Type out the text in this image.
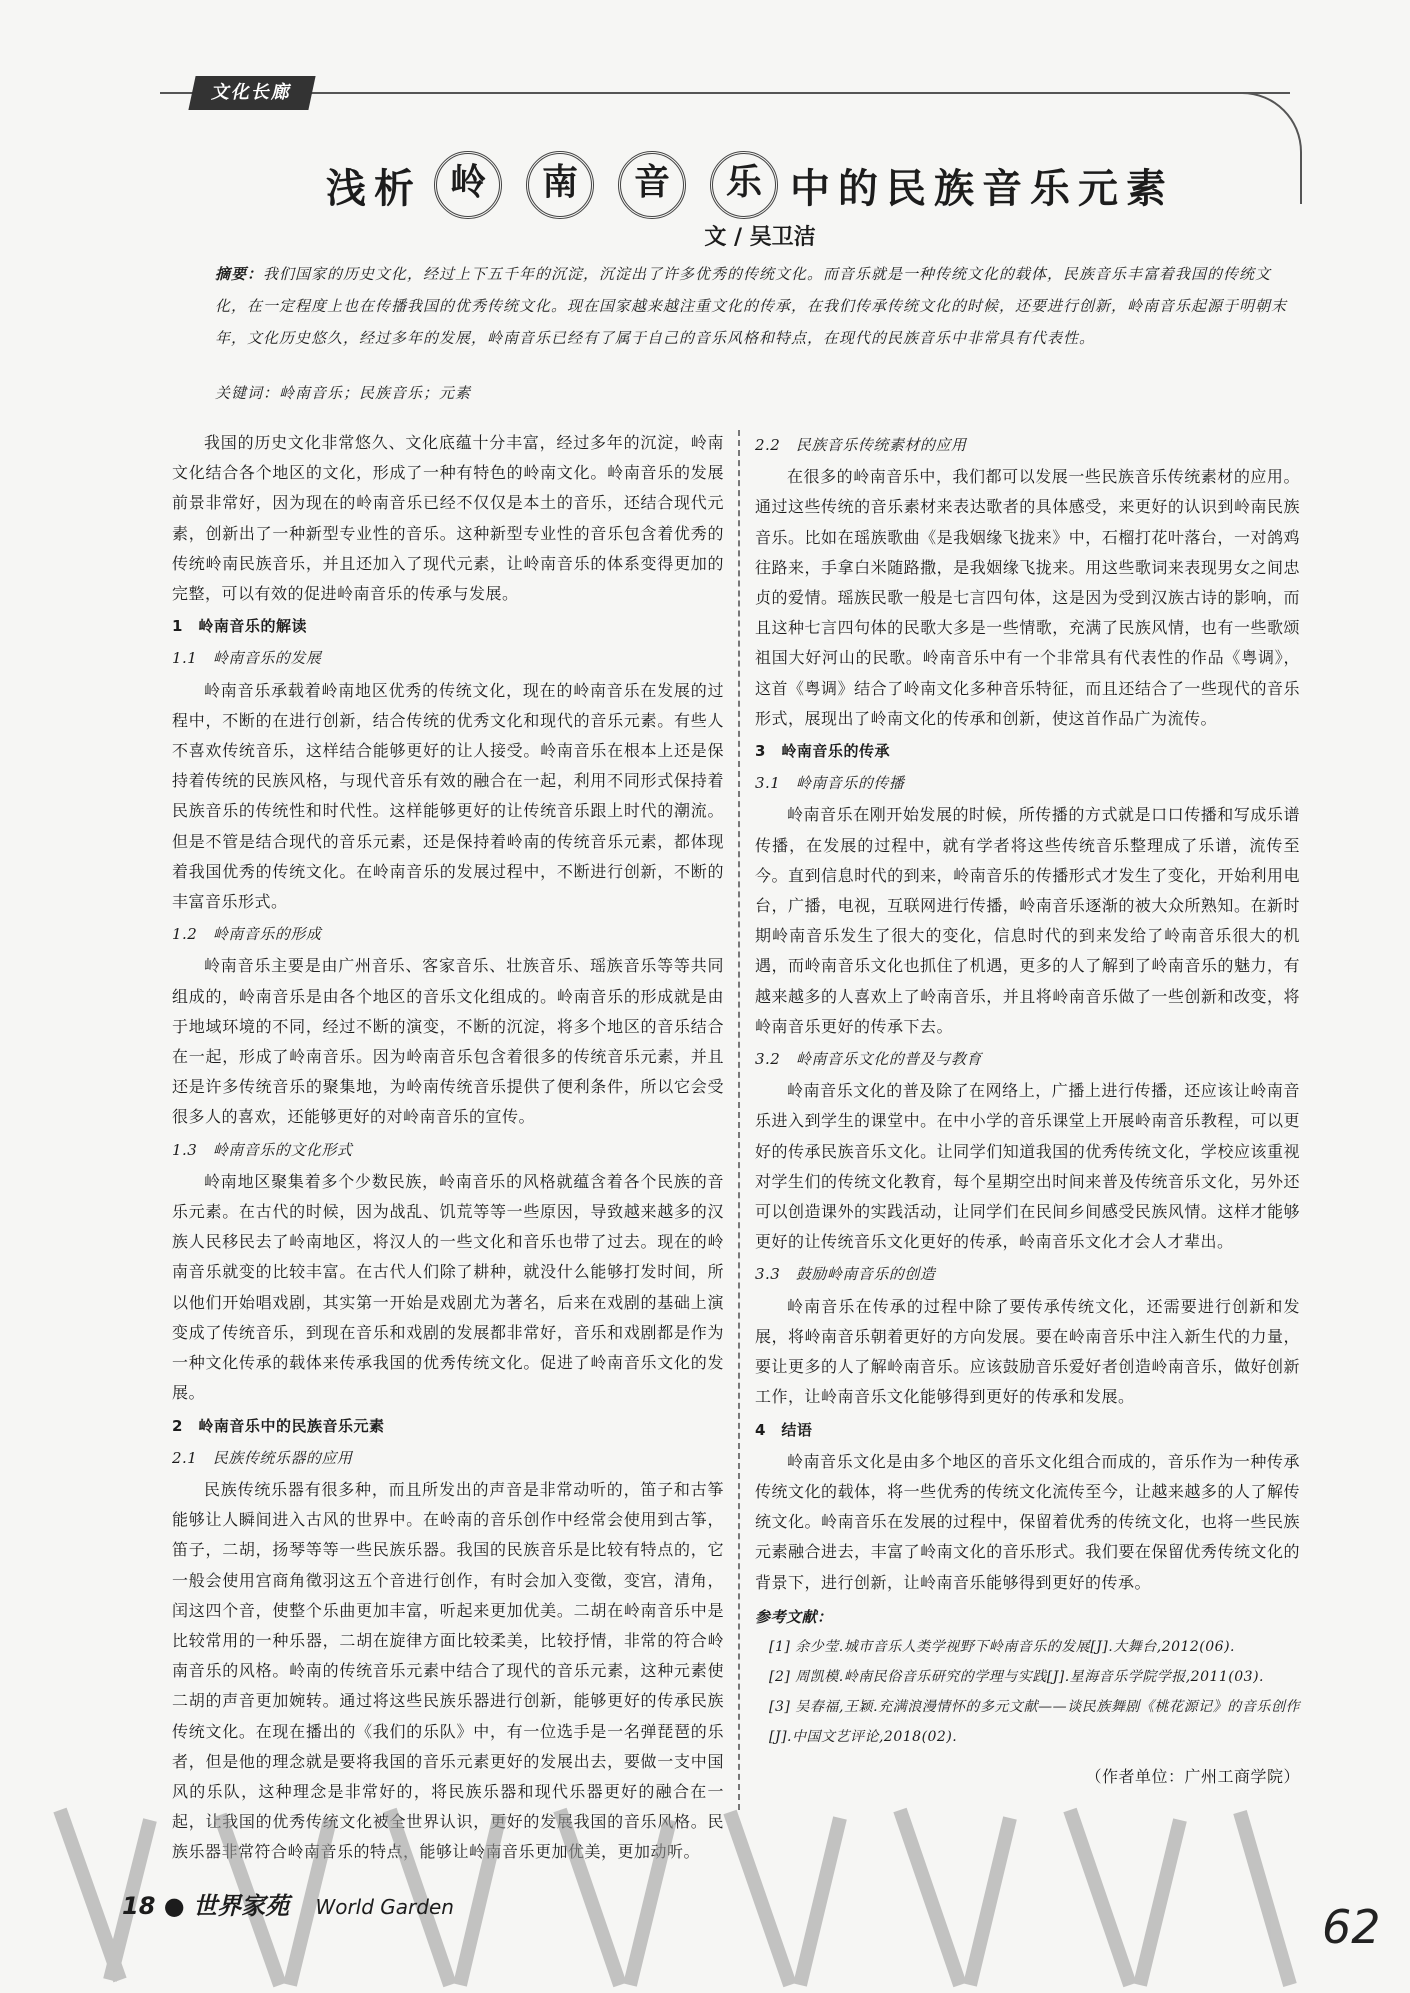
文化长廊
浅析 岭	南	音	乐 中的民族音乐元素
文 / 吴卫洁
摘要：我们国家的历史文化，经过上下五千年的沉淀，沉淀出了许多优秀的传统文化。而音乐就是一种传统文化的载体，民族音乐丰富着我国的传统文化，在一定程度上也在传播我国的优秀传统文化。现在国家越来越注重文化的传承，在我们传承传统文化的时候，还要进行创新，岭南音乐起源于明朝末年，文化历史悠久，经过多年的发展，岭南音乐已经有了属于自己的音乐风格和特点，在现代的民族音乐中非常具有代表性。
关键词：岭南音乐；民族音乐；元素

我国的历史文化非常悠久、文化底蕴十分丰富，经过多年的沉淀，岭南文化结合各个地区的文化，形成了一种有特色的岭南文化。岭南音乐的发展前景非常好，因为现在的岭南音乐已经不仅仅是本土的音乐，还结合现代元素，创新出了一种新型专业性的音乐。这种新型专业性的音乐包含着优秀的传统岭南民族音乐，并且还加入了现代元素，让岭南音乐的体系变得更加的完整，可以有效的促进岭南音乐的传承与发展。

1　岭南音乐的解读
1.1　岭南音乐的发展

岭南音乐承载着岭南地区优秀的传统文化，现在的岭南音乐在发展的过程中，不断的在进行创新，结合传统的优秀文化和现代的音乐元素。有些人不喜欢传统音乐，这样结合能够更好的让人接受。岭南音乐在根本上还是保持着传统的民族风格，与现代音乐有效的融合在一起，利用不同形式保持着民族音乐的传统性和时代性。这样能够更好的让传统音乐跟上时代的潮流。但是不管是结合现代的音乐元素，还是保持着岭南的传统音乐元素，都体现着我国优秀的传统文化。在岭南音乐的发展过程中，不断进行创新，不断的丰富音乐形式。

1.2　岭南音乐的形成

岭南音乐主要是由广州音乐、客家音乐、壮族音乐、瑶族音乐等等共同组成的，岭南音乐是由各个地区的音乐文化组成的。岭南音乐的形成就是由于地域环境的不同，经过不断的演变，不断的沉淀，将多个地区的音乐结合在一起，形成了岭南音乐。因为岭南音乐包含着很多的传统音乐元素，并且还是许多传统音乐的聚集地，为岭南传统音乐提供了便利条件，所以它会受很多人的喜欢，还能够更好的对岭南音乐的宣传。

1.3　岭南音乐的文化形式

岭南地区聚集着多个少数民族，岭南音乐的风格就蕴含着各个民族的音乐元素。在古代的时候，因为战乱、饥荒等等一些原因，导致越来越多的汉族人民移民去了岭南地区，将汉人的一些文化和音乐也带了过去。现在的岭南音乐就变的比较丰富。在古代人们除了耕种，就没什么能够打发时间，所以他们开始唱戏剧，其实第一开始是戏剧尤为著名，后来在戏剧的基础上演变成了传统音乐，到现在音乐和戏剧的发展都非常好，音乐和戏剧都是作为一种文化传承的载体来传承我国的优秀传统文化。促进了岭南音乐文化的发展。

2　岭南音乐中的民族音乐元素
2.1　民族传统乐器的应用

民族传统乐器有很多种，而且所发出的声音是非常动听的，笛子和古筝能够让人瞬间进入古风的世界中。在岭南的音乐创作中经常会使用到古筝，笛子，二胡，扬琴等等一些民族乐器。我国的民族音乐是比较有特点的，它一般会使用宫商角徵羽这五个音进行创作，有时会加入变徵，变宫，清角，闰这四个音，使整个乐曲更加丰富，听起来更加优美。二胡在岭南音乐中是比较常用的一种乐器，二胡在旋律方面比较柔美，比较抒情，非常的符合岭南音乐的风格。岭南的传统音乐元素中结合了现代的音乐元素，这种元素使二胡的声音更加婉转。通过将这些民族乐器进行创新，能够更好的传承民族传统文化。在现在播出的《我们的乐队》中，有一位选手是一名弹琵琶的乐者，但是他的理念就是要将我国的音乐元素更好的发展出去，要做一支中国风的乐队，这种理念是非常好的，将民族乐器和现代乐器更好的融合在一起，让我国的优秀传统文化被全世界认识，更好的发展我国的音乐风格。民族乐器非常符合岭南音乐的特点，能够让岭南音乐更加优美，更加动听。

2.2　民族音乐传统素材的应用

在很多的岭南音乐中，我们都可以发展一些民族音乐传统素材的应用。通过这些传统的音乐素材来表达歌者的具体感受，来更好的认识到岭南民族音乐。比如在瑶族歌曲《是我姻缘飞拢来》中，石榴打花叶落台，一对鸽鸡往路来，手拿白米随路撒，是我姻缘飞拢来。用这些歌词来表现男女之间忠贞的爱情。瑶族民歌一般是七言四句体，这是因为受到汉族古诗的影响，而且这种七言四句体的民歌大多是一些情歌，充满了民族风情，也有一些歌颂祖国大好河山的民歌。岭南音乐中有一个非常具有代表性的作品《粤调》，这首《粤调》结合了岭南文化多种音乐特征，而且还结合了一些现代的音乐形式，展现出了岭南文化的传承和创新，使这首作品广为流传。

3　岭南音乐的传承
3.1　岭南音乐的传播

岭南音乐在刚开始发展的时候，所传播的方式就是口口传播和写成乐谱传播，在发展的过程中，就有学者将这些传统音乐整理成了乐谱，流传至今。直到信息时代的到来，岭南音乐的传播形式才发生了变化，开始利用电台，广播，电视，互联网进行传播，岭南音乐逐渐的被大众所熟知。在新时期岭南音乐发生了很大的变化，信息时代的到来发给了岭南音乐很大的机遇，而岭南音乐文化也抓住了机遇，更多的人了解到了岭南音乐的魅力，有越来越多的人喜欢上了岭南音乐，并且将岭南音乐做了一些创新和改变，将岭南音乐更好的传承下去。

3.2　岭南音乐文化的普及与教育

岭南音乐文化的普及除了在网络上，广播上进行传播，还应该让岭南音乐进入到学生的课堂中。在中小学的音乐课堂上开展岭南音乐教程，可以更好的传承民族音乐文化。让同学们知道我国的优秀传统文化，学校应该重视对学生们的传统文化教育，每个星期空出时间来普及传统音乐文化，另外还可以创造课外的实践活动，让同学们在民间乡间感受民族风情。这样才能够更好的让传统音乐文化更好的传承，岭南音乐文化才会人才辈出。

3.3　鼓励岭南音乐的创造

岭南音乐在传承的过程中除了要传承传统文化，还需要进行创新和发展，将岭南音乐朝着更好的方向发展。要在岭南音乐中注入新生代的力量，要让更多的人了解岭南音乐。应该鼓励音乐爱好者创造岭南音乐，做好创新工作，让岭南音乐文化能够得到更好的传承和发展。

4　结语

岭南音乐文化是由多个地区的音乐文化组合而成的，音乐作为一种传承传统文化的载体，将一些优秀的传统文化流传至今，让越来越多的人了解传统文化。岭南音乐在发展的过程中，保留着优秀的传统文化，也将一些民族元素融合进去，丰富了岭南文化的音乐形式。我们要在保留优秀传统文化的背景下，进行创新，让岭南音乐能够得到更好的传承。

参考文献：

[1] 余少莹.城市音乐人类学视野下岭南音乐的发展[J].大舞台,2012(06).

[2] 周凯模.岭南民俗音乐研究的学理与实践[J].星海音乐学院学报,2011(03).

[3] 吴春福,王颖.充满浪漫情怀的多元文献——谈民族舞剧《桃花源记》的音乐创作[J].中国文艺评论,2018(02).

（作者单位：广州工商学院）
18 ● 世界家苑 World Garden	62
